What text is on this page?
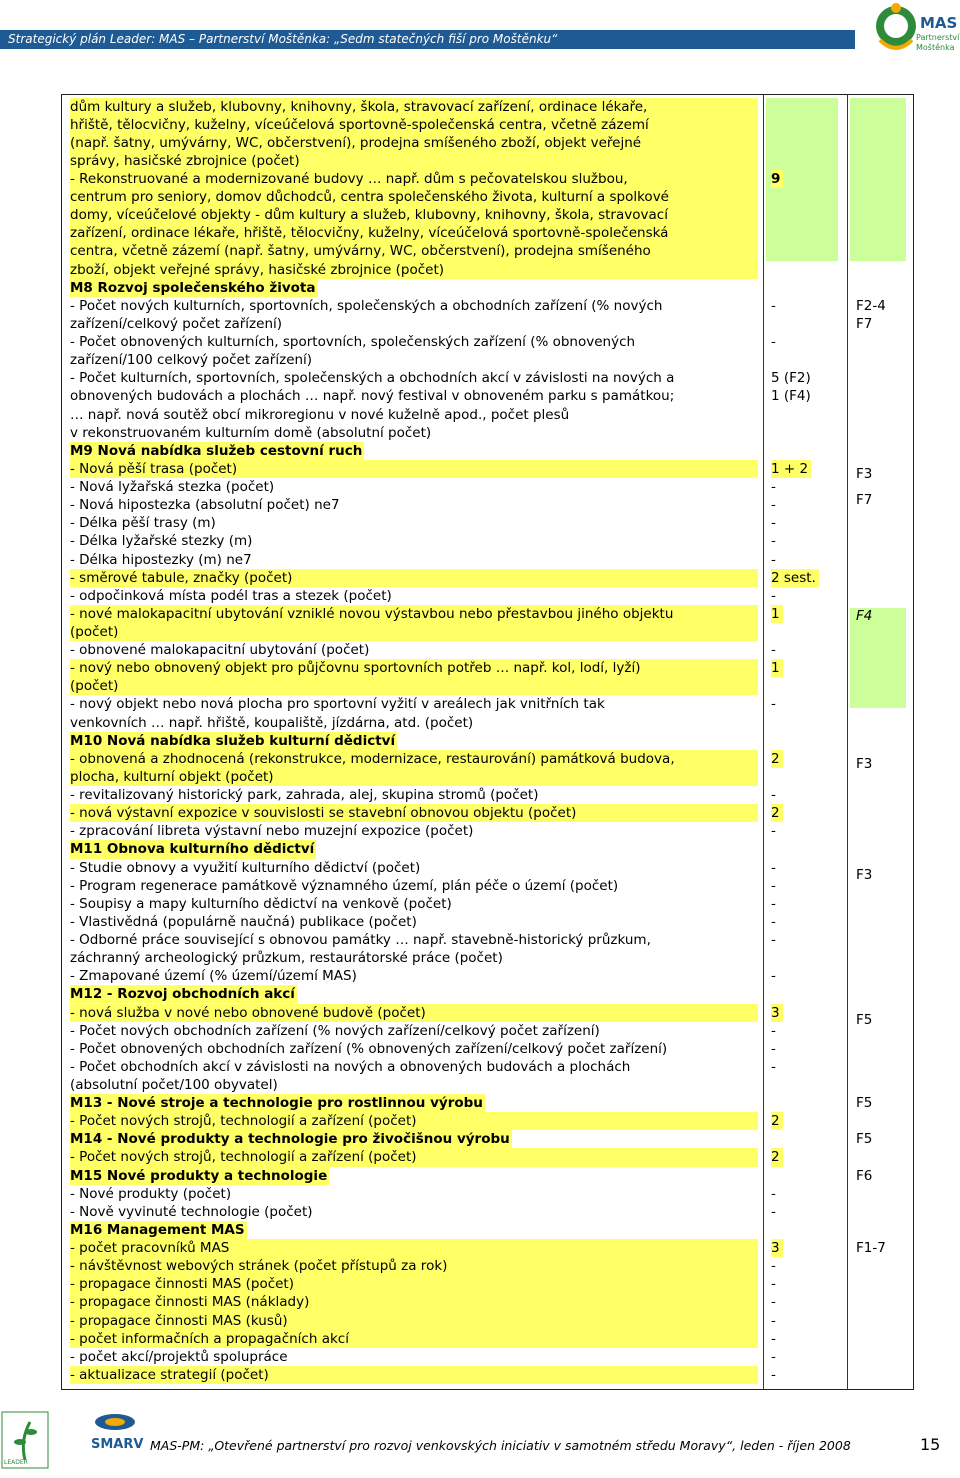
Strategický plán Leader: MAS – Partnerství Moštěnka: „Sedm statečných fiší pro Moštěnku“
MAS
Partnerství
Moštěnka
dům kultury a služeb, klubovny, knihovny, škola, stravovací zařízení, ordinace lékaře,
hřiště, tělocvičny, kuželny, víceúčelová sportovně-společenská centra, včetně zázemí
(např. šatny, umývárny, WC, občerstvení), prodejna smíšeného zboží, objekt veřejné
správy, hasičské zbrojnice (počet)
- Rekonstruované a modernizované budovy … např. dům s pečovatelskou službou,
centrum pro seniory, domov důchodců, centra společenského života, kulturní a spolkové
domy, víceúčelové objekty - dům kultury a služeb, klubovny, knihovny, škola, stravovací
zařízení, ordinace lékaře, hřiště, tělocvičny, kuželny, víceúčelová sportovně-společenská
centra, včetně zázemí (např. šatny, umývárny, WC, občerstvení), prodejna smíšeného
zboží, objekt veřejné správy, hasičské zbrojnice (počet)
M8 Rozvoj společenského života
- Počet nových kulturních, sportovních, společenských a obchodních zařízení (% nových
zařízení/celkový počet zařízení)
- Počet obnovených kulturních, sportovních, společenských zařízení (% obnovených
zařízení/100 celkový počet zařízení)
- Počet kulturních, sportovních, společenských a obchodních akcí v závislosti na nových a
obnovených budovách a plochách … např. nový festival v obnoveném parku s památkou;
… např. nová soutěž obcí mikroregionu v nové kuželně apod., počet plesů
v rekonstruovaném kulturním domě (absolutní počet)
M9 Nová nabídka služeb cestovní ruch
- Nová pěší trasa (počet)
- Nová lyžařská stezka (počet)
- Nová hipostezka (absolutní počet) ne7
- Délka pěší trasy (m)
- Délka lyžařské stezky (m)
- Délka hipostezky (m) ne7
- směrové tabule, značky (počet)
- odpočinková místa podél tras a stezek (počet)
- nové malokapacitní ubytování vzniklé novou výstavbou nebo přestavbou jiného objektu
(počet)
- obnovené malokapacitní ubytování (počet)
- nový nebo obnovený objekt pro půjčovnu sportovních potřeb … např. kol, lodí, lyží)
(počet)
- nový objekt nebo nová plocha pro sportovní vyžití v areálech jak vnitřních tak
venkovních … např. hřiště, koupaliště, jízdárna, atd. (počet)
M10 Nová nabídka služeb kulturní dědictví
- obnovená a zhodnocená (rekonstrukce, modernizace, restaurování) památková budova,
plocha, kulturní objekt (počet)
- revitalizovaný historický park, zahrada, alej, skupina stromů (počet)
- nová výstavní expozice v souvislosti se stavební obnovou objektu (počet)
- zpracování libreta výstavní nebo muzejní expozice (počet)
M11 Obnova kulturního dědictví
- Studie obnovy a využití kulturního dědictví (počet)
- Program regenerace památkově významného území, plán péče o území (počet)
- Soupisy a mapy kulturního dědictví na venkově (počet)
- Vlastivědná (populárně naučná) publikace (počet)
- Odborné práce související s obnovou památky … např. stavebně-historický průzkum,
záchranný archeologický průzkum, restaurátorské práce (počet)
- Zmapované území (% území/území MAS)
M12 - Rozvoj obchodních akcí
- nová služba v nové nebo obnovené budově (počet)
- Počet nových obchodních zařízení (% nových zařízení/celkový počet zařízení)
- Počet obnovených obchodních zařízení (% obnovených zařízení/celkový počet zařízení)
- Počet obchodních akcí v závislosti na nových a obnovených budovách a plochách
(absolutní počet/100 obyvatel)
M13 - Nové stroje a technologie pro rostlinnou výrobu
- Počet nových strojů, technologií a zařízení (počet)
M14 - Nové produkty a technologie pro živočišnou výrobu
- Počet nových strojů, technologií a zařízení (počet)
M15 Nové produkty a technologie
- Nové produkty (počet)
- Nově vyvinuté technologie (počet)
M16 Management MAS
- počet pracovníků MAS
- návštěvnost webových stránek (počet přístupů za rok)
- propagace činnosti MAS (počet)
- propagace činnosti MAS (náklady)
- propagace činnosti MAS (kusů)
- počet informačních a propagačních akcí
- počet akcí/projektů spolupráce
- aktualizace strategií (počet)
9
-
-
5 (F2)
1 (F4)
1 + 2
-
-
-
-
-
2 sest.
-
1
-
1
-
2
-
2
-
-
-
-
-
-
-
3
-
-
-
2
2
-
-
3
-
-
-
-
-
-
-
F2-4
F7
F3
F7
F4
F3
F3
F5
F5
F5
F6
F1-7
LEADER
SMARV MAS-PM: „Otevřené partnerství pro rozvoj venkovských iniciativ v samotném středu Moravy“, leden - říjen 2008	15
